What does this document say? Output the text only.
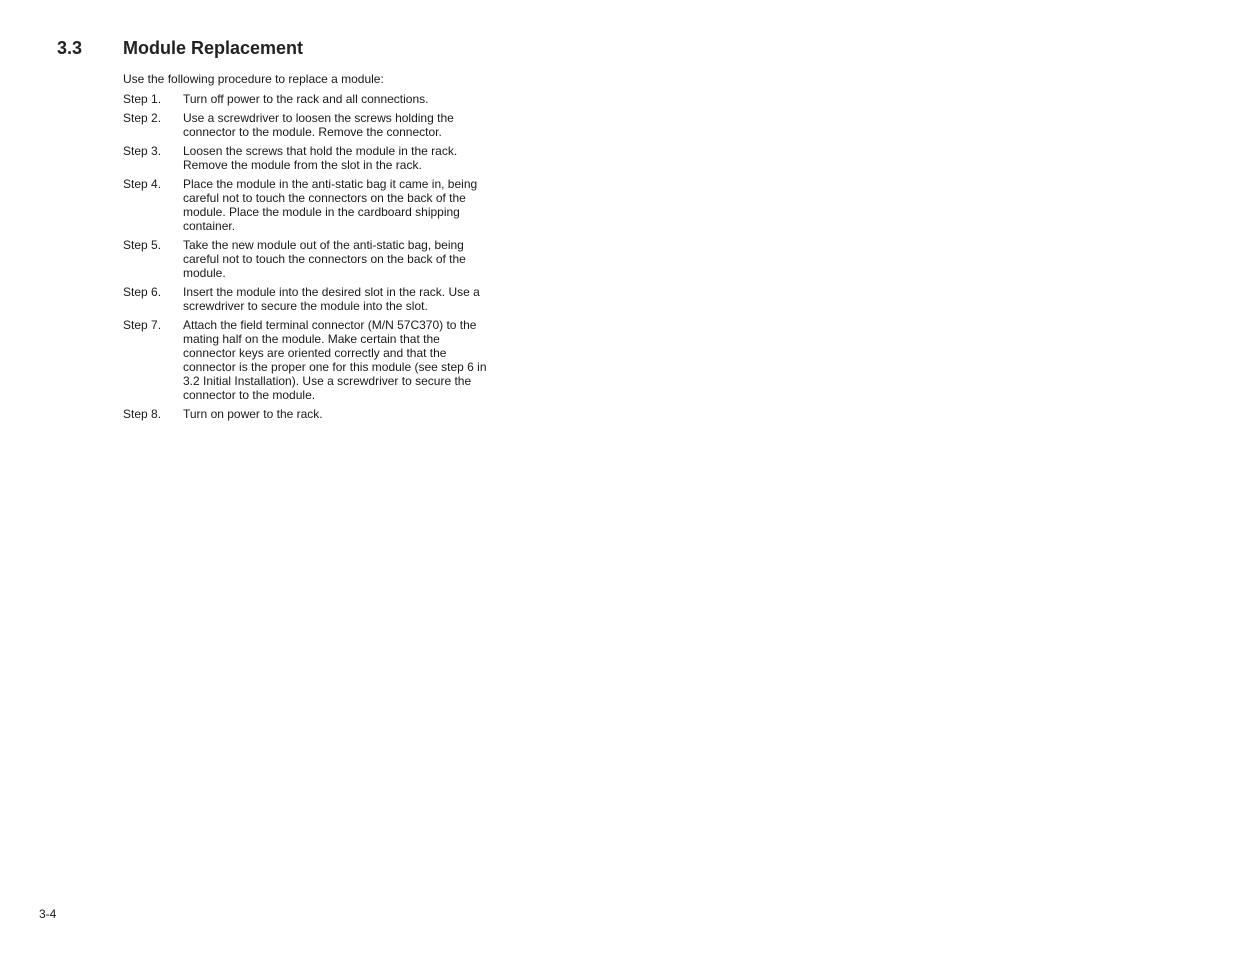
3.3 Module Replacement

Use the following procedure to replace a module:

Step 1.	Turn off power to the rack and all connections.
Step 2.	Use a screwdriver to loosen the screws holding the
connector to the module. Remove the connector.
Step 3.	Loosen the screws that hold the module in the rack.
Remove the module from the slot in the rack.
Step 4.	Place the module in the anti-static bag it came in, being
careful not to touch the connectors on the back of the
module. Place the module in the cardboard shipping
container.
Step 5.	Take the new module out of the anti-static bag, being
careful not to touch the connectors on the back of the
module.
Step 6.	Insert the module into the desired slot in the rack. Use a
screwdriver to secure the module into the slot.
Step 7.	Attach the field terminal connector (M/N 57C370) to the
mating half on the module. Make certain that the
connector keys are oriented correctly and that the
connector is the proper one for this module (see step 6 in
3.2 Initial Installation). Use a screwdriver to secure the
connector to the module.
Step 8.	Turn on power to the rack.
3-4
